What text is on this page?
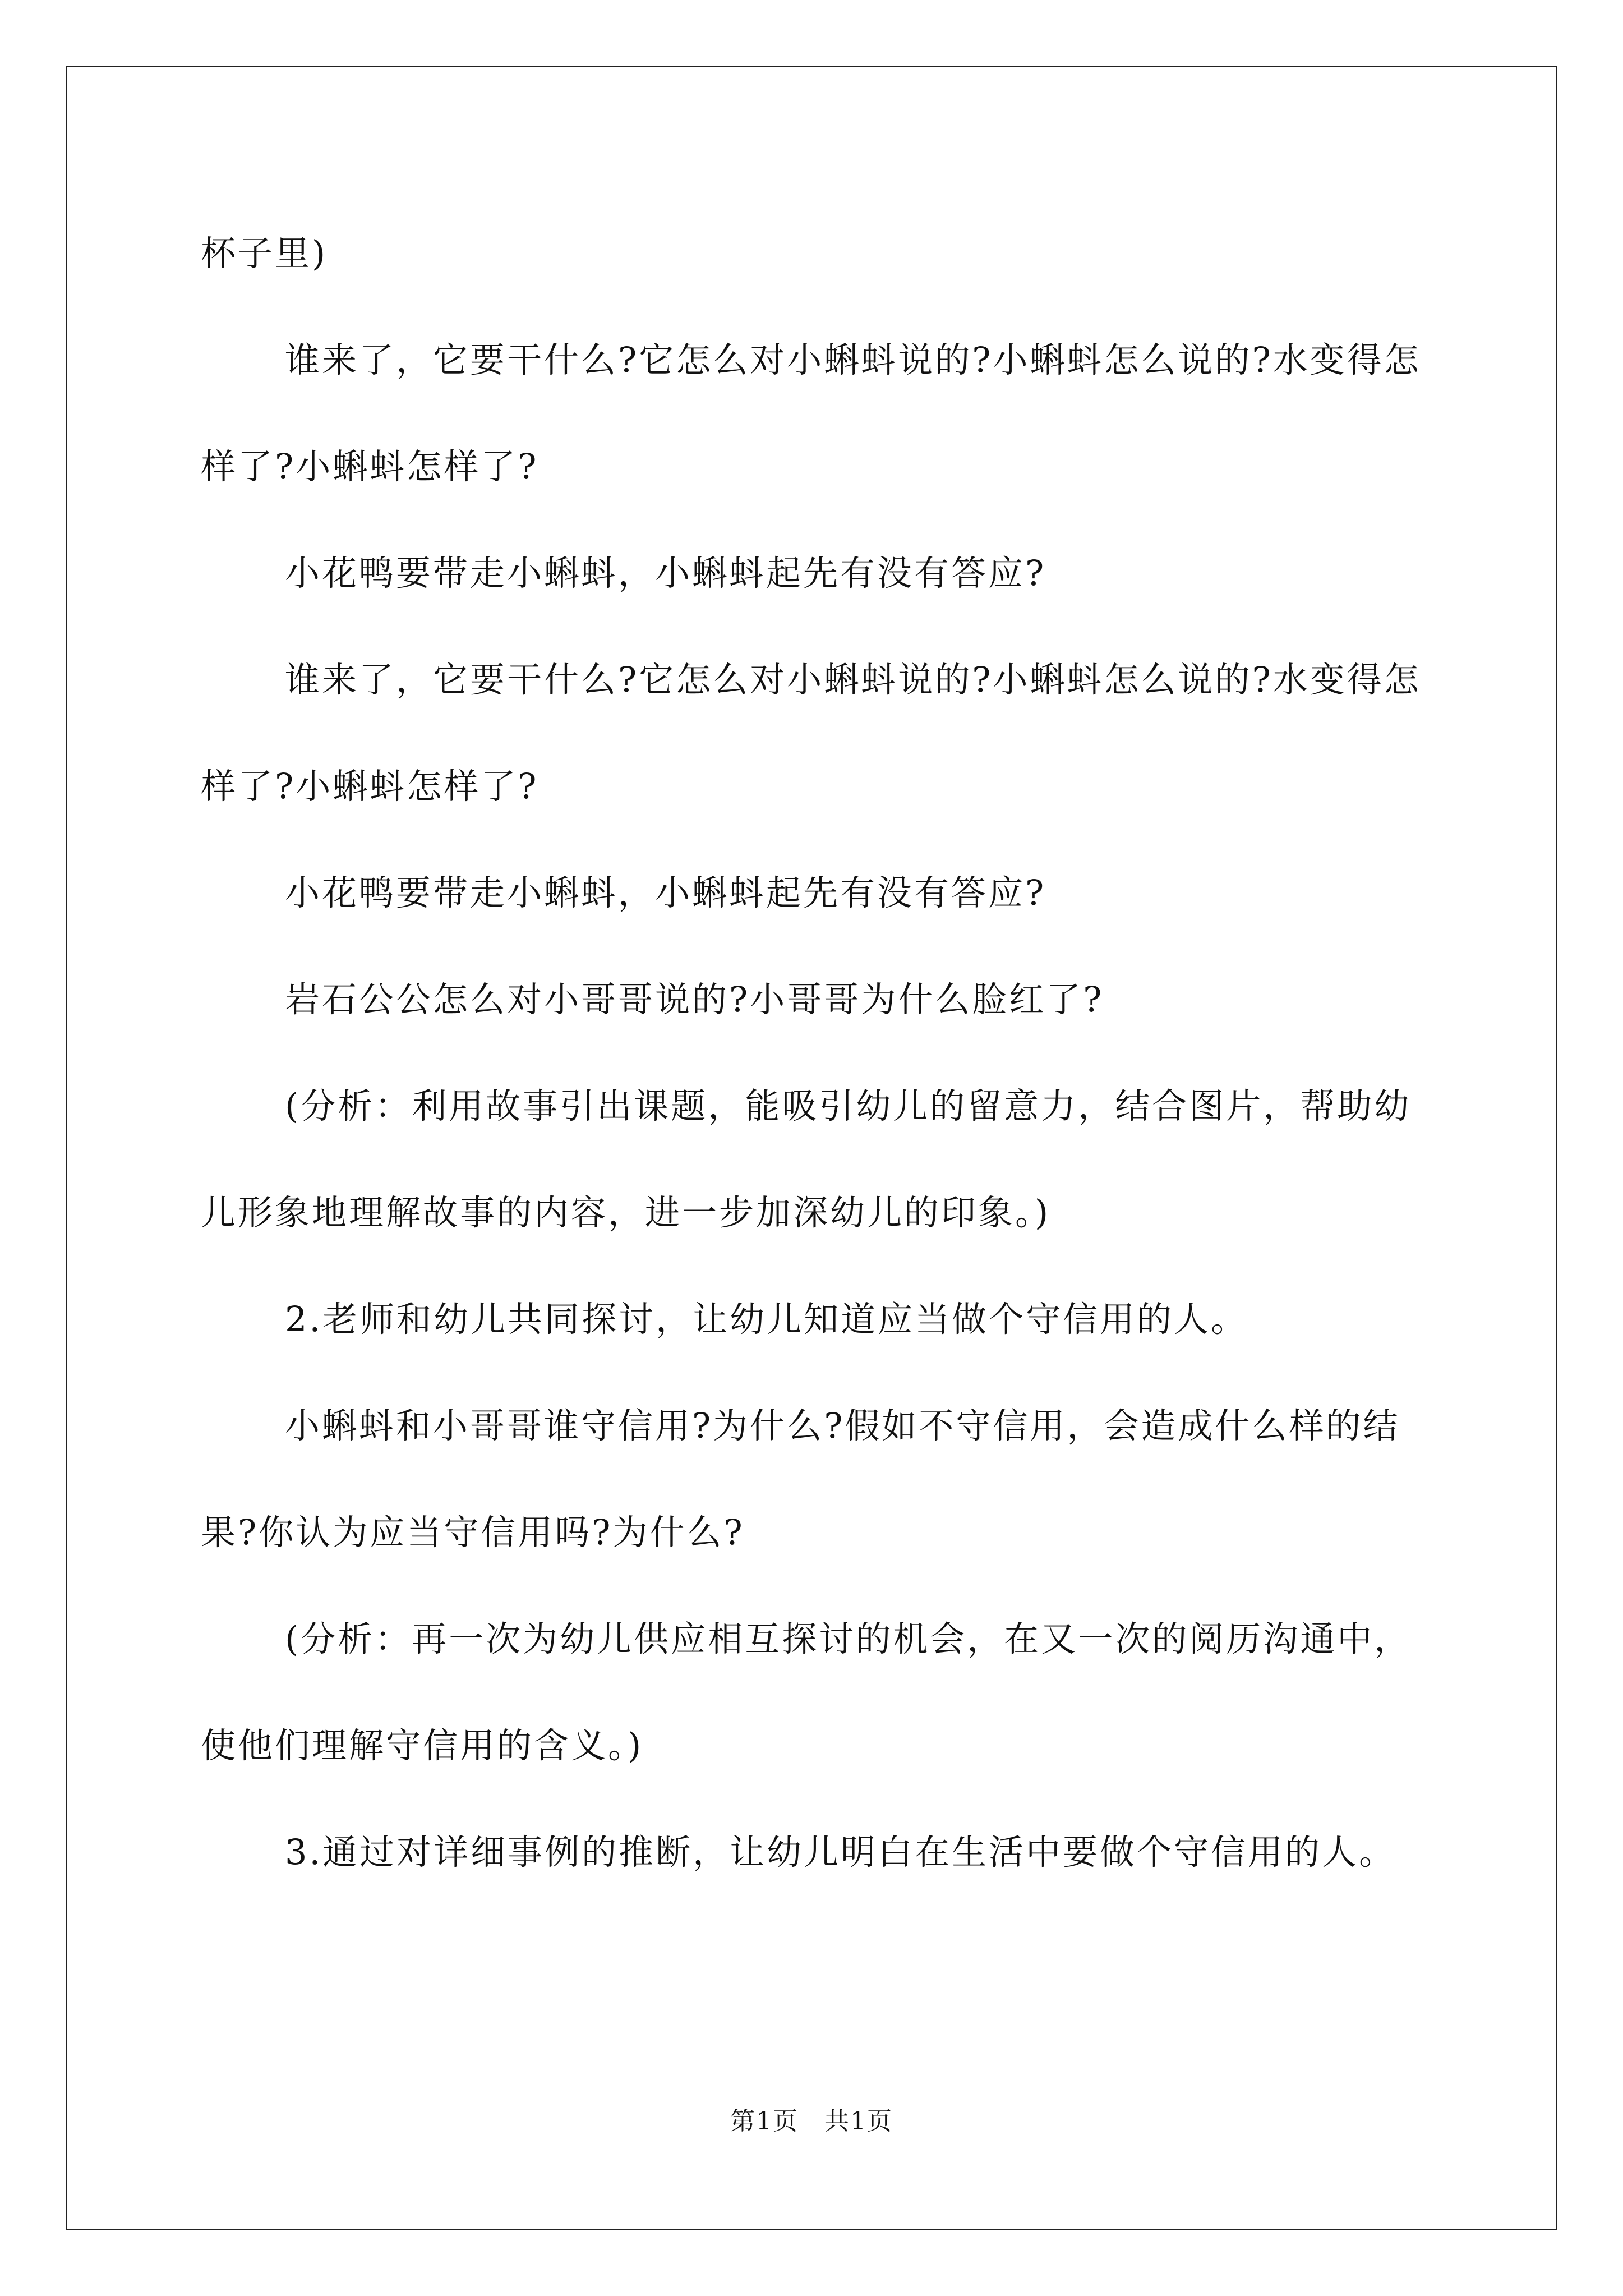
杯子里)

谁来了，它要干什么?它怎么对小蝌蚪说的?小蝌蚪怎么说的?水变得怎样了?小蝌蚪怎样了?

小花鸭要带走小蝌蚪，小蝌蚪起先有没有答应?

谁来了，它要干什么?它怎么对小蝌蚪说的?小蝌蚪怎么说的?水变得怎样了?小蝌蚪怎样了?

小花鸭要带走小蝌蚪，小蝌蚪起先有没有答应?

岩石公公怎么对小哥哥说的?小哥哥为什么脸红了?

(分析：利用故事引出课题，能吸引幼儿的留意力，结合图片，帮助幼儿形象地理解故事的内容，进一步加深幼儿的印象。)

2.老师和幼儿共同探讨，让幼儿知道应当做个守信用的人。

小蝌蚪和小哥哥谁守信用?为什么?假如不守信用，会造成什么样的结果?你认为应当守信用吗?为什么?

(分析：再一次为幼儿供应相互探讨的机会，在又一次的阅历沟通中，使他们理解守信用的含义。)

3.通过对详细事例的推断，让幼儿明白在生活中要做个守信用的人。

第1页　共1页
